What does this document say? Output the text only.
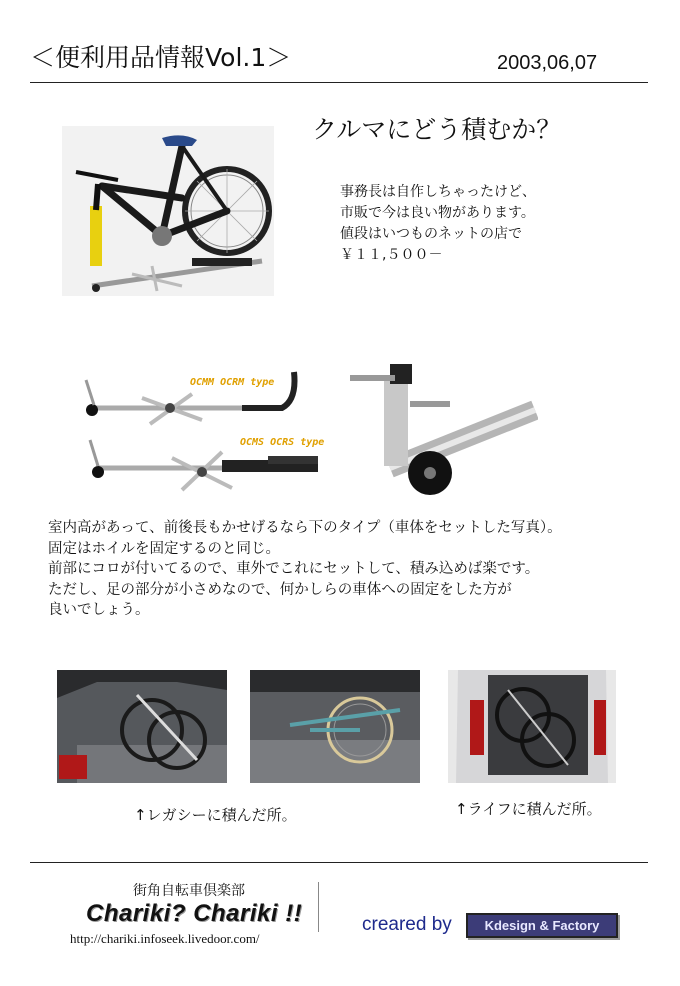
＜便利用品情報Vol.1＞	2003,06,07
クルマにどう積むか？
事務長は自作しちゃったけど、
市販で今は良い物があります。
値段はいつものネットの店で
￥１１,５００－
OCMM OCRM type
OCMS OCRS type
室内高があって、前後長もかせげるなら下のタイプ（車体をセットした写真）。
固定はホイルを固定するのと同じ。
前部にコロが付いてるので、車外でこれにセットして、積み込めば楽です。
ただし、足の部分が小さめなので、何かしらの車体への固定をした方が
良いでしょう。
↑レガシーに積んだ所。	↑ライフに積んだ所。
街角自転車倶楽部
Chariki? Chariki !!
http://chariki.infoseek.livedoor.com/
creared by	Kdesign & Factory
